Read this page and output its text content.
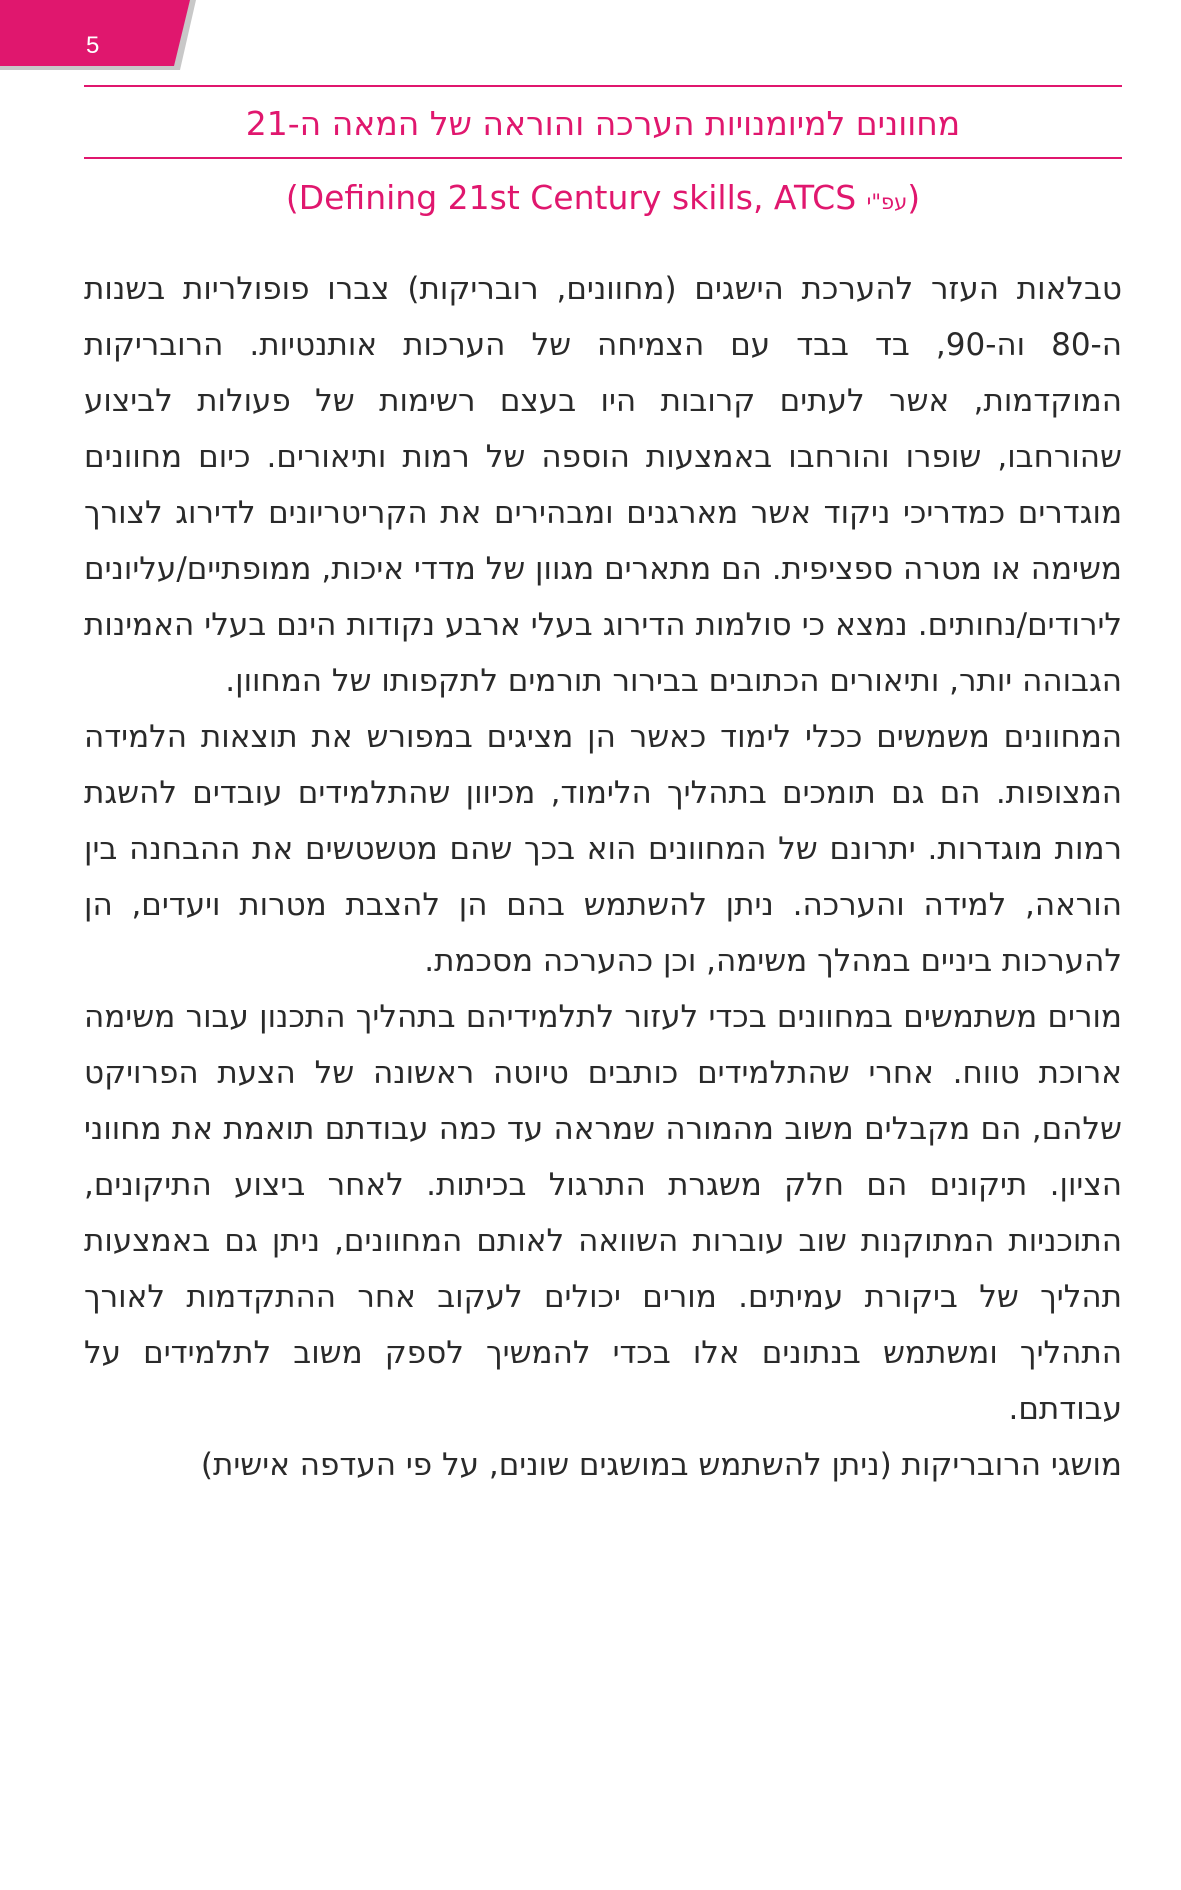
5
מחוונים למיומנויות הערכה והוראה של המאה ה-21
(עפ"י Defining 21st Century skills, ATCS)

טבלאות העזר להערכת הישגים (מחוונים, רובריקות) צברו פופולריות בשנות ה-80 וה-90, בד בבד עם הצמיחה של הערכות אותנטיות. הרובריקות המוקדמות, אשר לעתים קרובות היו בעצם רשימות של פעולות לביצוע שהורחבו, שופרו והורחבו באמצעות הוספה של רמות ותיאורים. כיום מחוונים מוגדרים כמדריכי ניקוד אשר מארגנים ומבהירים את הקריטריונים לדירוג לצורך משימה או מטרה ספציפית. הם מתארים מגוון של מדדי איכות, ממופתיים/עליונים לירודים/נחותים. נמצא כי סולמות הדירוג בעלי ארבע נקודות הינם בעלי האמינות הגבוהה יותר, ותיאורים הכתובים בבירור תורמים לתקפותו של המחוון.

המחוונים משמשים ככלי לימוד כאשר הן מציגים במפורש את תוצאות הלמידה המצופות. הם גם תומכים בתהליך הלימוד, מכיוון שהתלמידים עובדים להשגת רמות מוגדרות. יתרונם של המחוונים הוא בכך שהם מטשטשים את ההבחנה בין הוראה, למידה והערכה. ניתן להשתמש בהם הן להצבת מטרות ויעדים, הן להערכות ביניים במהלך משימה, וכן כהערכה מסכמת.

מורים משתמשים במחוונים בכדי לעזור לתלמידיהם בתהליך התכנון עבור משימה ארוכת טווח. אחרי שהתלמידים כותבים טיוטה ראשונה של הצעת הפרויקט שלהם, הם מקבלים משוב מהמורה שמראה עד כמה עבודתם תואמת את מחווני הציון. תיקונים הם חלק משגרת התרגול בכיתות. לאחר ביצוע התיקונים, התוכניות המתוקנות שוב עוברות השוואה לאותם המחוונים, ניתן גם באמצעות תהליך של ביקורת עמיתים. מורים יכולים לעקוב אחר ההתקדמות לאורך התהליך ומשתמש בנתונים אלו בכדי להמשיך לספק משוב לתלמידים על עבודתם.

מושגי הרובריקות (ניתן להשתמש במושגים שונים, על פי העדפה אישית)
